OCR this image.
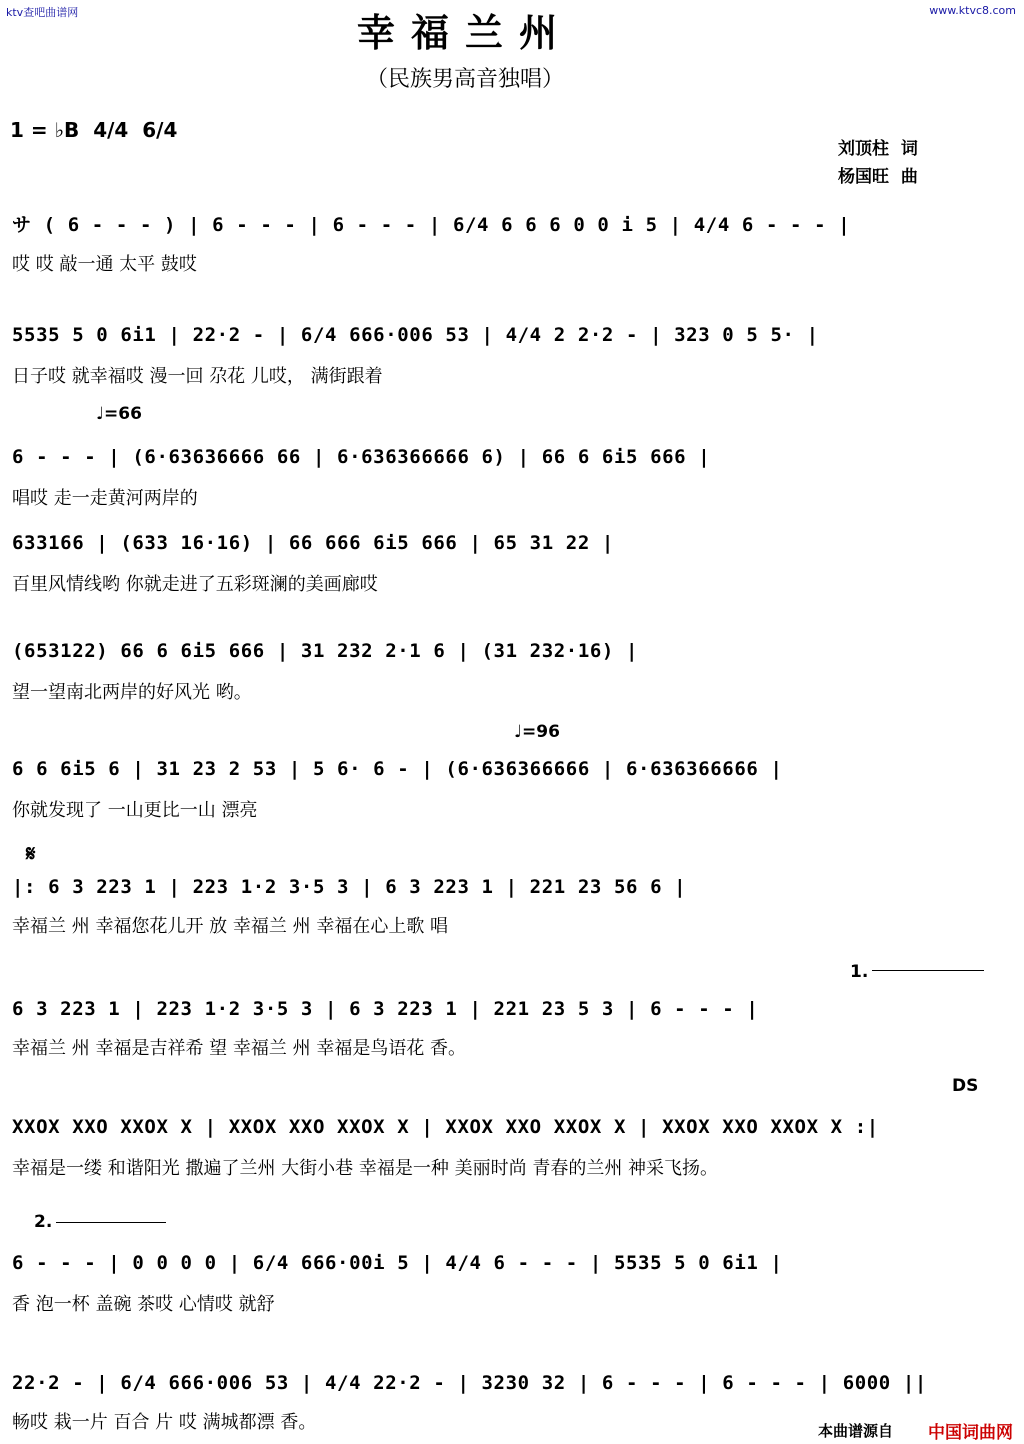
ktv查吧曲谱网	www.ktvc8.com
幸福兰州
（民族男高音独唱）
1 = ♭B  4/4  6/4
刘顶柱  词
杨国旺  曲
♩=66
♩=96
𝄋
1.
DS
2.
サ ( 6 - - - ) | 6 - - - | 6 - - - | 6/4 6 6 6 0 0 i 5 | 4/4 6 - - - |
哎 哎 敲一通 太平 鼓哎
5535 5 0 6i1 | 22·2 - | 6/4 666·006 53 | 4/4 2 2·2 - | 323 0 5 5· |
日子哎 就幸福哎 漫一回 尕花 儿哎， 满街跟着
6 - - - | (6·63636666 66 | 6·636366666 6) | 66 6 6i5 666 |
唱哎 走一走黄河两岸的
633166 | (633 16·16) | 66 666 6i5 666 | 65 31 22 |
百里风情线哟 你就走进了五彩斑澜的美画廊哎
(653122) 66 6 6i5 666 | 31 232 2·1 6 | (31 232·16) |
望一望南北两岸的好风光 哟。
6 6 6i5 6 | 31 23 2 53 | 5 6· 6 - | (6·636366666 | 6·636366666 |
你就发现了 一山更比一山 漂亮
|: 6 3 223 1 | 223 1·2 3·5 3 | 6 3 223 1 | 221 23 56 6 |
幸福兰 州 幸福您花儿开 放 幸福兰 州 幸福在心上歌 唱
6 3 223 1 | 223 1·2 3·5 3 | 6 3 223 1 | 221 23 5 3 | 6 - - - |
幸福兰 州 幸福是吉祥希 望 幸福兰 州 幸福是鸟语花 香。
XXOX XXO XXOX X | XXOX XXO XXOX X | XXOX XXO XXOX X | XXOX XXO XXOX X :|
幸福是一缕 和谐阳光 撒遍了兰州 大街小巷 幸福是一种 美丽时尚 青春的兰州 神采飞扬。
6 - - - | 0 0 0 0 | 6/4 666·00i 5 | 4/4 6 - - - | 5535 5 0 6i1 |
香 泡一杯 盖碗 茶哎 心情哎 就舒
22·2 - | 6/4 666·006 53 | 4/4 22·2 - | 3230 32 | 6 - - - | 6 - - - | 6000 ||
畅哎 栽一片 百合 片 哎 满城都漂 香。	本曲谱源自 中国词曲网
